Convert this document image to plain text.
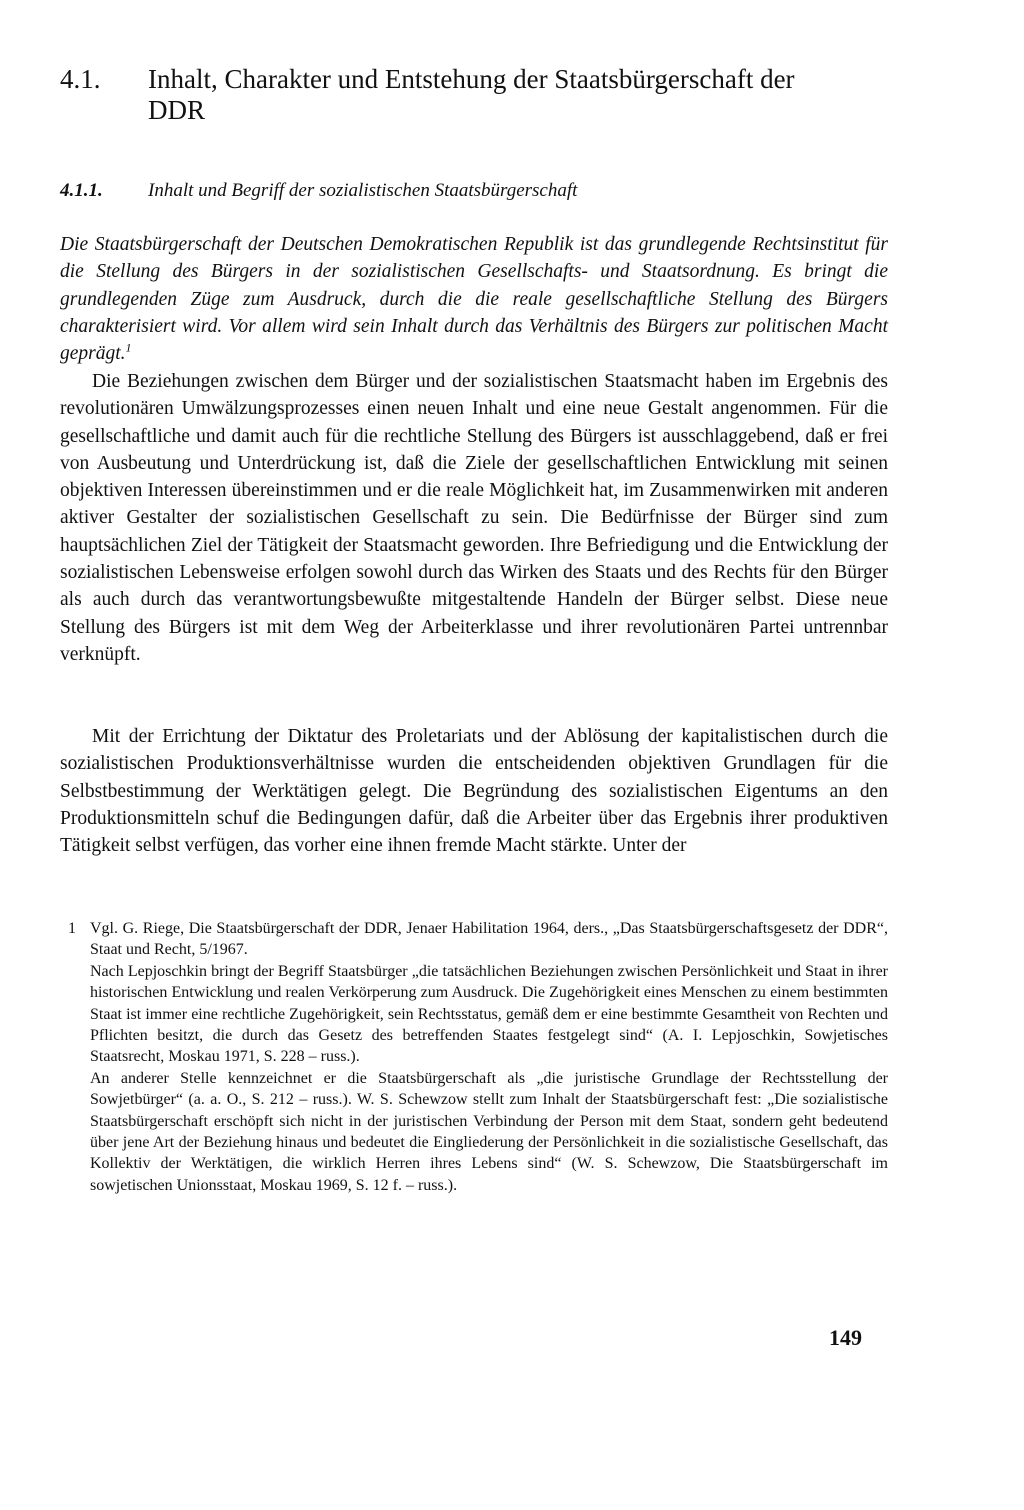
4.1. Inhalt, Charakter und Entstehung der Staatsbürgerschaft der DDR
4.1.1. Inhalt und Begriff der sozialistischen Staatsbürgerschaft

Die Staatsbürgerschaft der Deutschen Demokratischen Republik ist das grundlegende Rechtsinstitut für die Stellung des Bürgers in der sozialistischen Gesellschafts- und Staatsordnung. Es bringt die grundlegenden Züge zum Ausdruck, durch die die reale gesellschaftliche Stellung des Bürgers charakterisiert wird. Vor allem wird sein Inhalt durch das Verhältnis des Bürgers zur politischen Macht geprägt.$^1$

Die Beziehungen zwischen dem Bürger und der sozialistischen Staatsmacht haben im Ergebnis des revolutionären Umwälzungsprozesses einen neuen Inhalt und eine neue Gestalt angenommen. Für die gesellschaftliche und damit auch für die rechtliche Stellung des Bürgers ist ausschlaggebend, daß er frei von Ausbeutung und Unterdrückung ist, daß die Ziele der gesellschaftlichen Entwicklung mit seinen objektiven Interessen übereinstimmen und er die reale Möglichkeit hat, im Zusammenwirken mit anderen aktiver Gestalter der sozialistischen Gesellschaft zu sein. Die Bedürfnisse der Bürger sind zum hauptsächlichen Ziel der Tätigkeit der Staatsmacht geworden. Ihre Befriedigung und die Entwicklung der sozialistischen Lebensweise erfolgen sowohl durch das Wirken des Staats und des Rechts für den Bürger als auch durch das verantwortungsbewußte mitgestaltende Handeln der Bürger selbst. Diese neue Stellung des Bürgers ist mit dem Weg der Arbeiterklasse und ihrer revolutionären Partei untrennbar verknüpft.

Mit der Errichtung der Diktatur des Proletariats und der Ablösung der kapitalistischen durch die sozialistischen Produktionsverhältnisse wurden die entscheidenden objektiven Grundlagen für die Selbstbestimmung der Werktätigen gelegt. Die Begründung des sozialistischen Eigentums an den Produktionsmitteln schuf die Bedingungen dafür, daß die Arbeiter über das Ergebnis ihrer produktiven Tätigkeit selbst verfügen, das vorher eine ihnen fremde Macht stärkte. Unter der

1 Vgl. G. Riege, Die Staatsbürgerschaft der DDR, Jenaer Habilitation 1964, ders., „Das Staatsbürgerschaftsgesetz der DDR“, Staat und Recht, 5/1967.

Nach Lepjoschkin bringt der Begriff Staatsbürger „die tatsächlichen Beziehungen zwischen Persönlichkeit und Staat in ihrer historischen Entwicklung und realen Verkörperung zum Ausdruck. Die Zugehörigkeit eines Menschen zu einem bestimmten Staat ist immer eine rechtliche Zugehörigkeit, sein Rechtsstatus, gemäß dem er eine bestimmte Gesamtheit von Rechten und Pflichten besitzt, die durch das Gesetz des betreffenden Staates festgelegt sind“ (A. I. Lepjoschkin, Sowjetisches Staatsrecht, Moskau 1971, S. 228 – russ.).

An anderer Stelle kennzeichnet er die Staatsbürgerschaft als „die juristische Grundlage der Rechtsstellung der Sowjetbürger“ (a. a. O., S. 212 – russ.). W. S. Schewzow stellt zum Inhalt der Staatsbürgerschaft fest: „Die sozialistische Staatsbürgerschaft erschöpft sich nicht in der juristischen Verbindung der Person mit dem Staat, sondern geht bedeutend über jene Art der Beziehung hinaus und bedeutet die Eingliederung der Persönlichkeit in die sozialistische Gesellschaft, das Kollektiv der Werktätigen, die wirklich Herren ihres Lebens sind“ (W. S. Schewzow, Die Staatsbürgerschaft im sowjetischen Unionsstaat, Moskau 1969, S. 12 f. – russ.).

149
